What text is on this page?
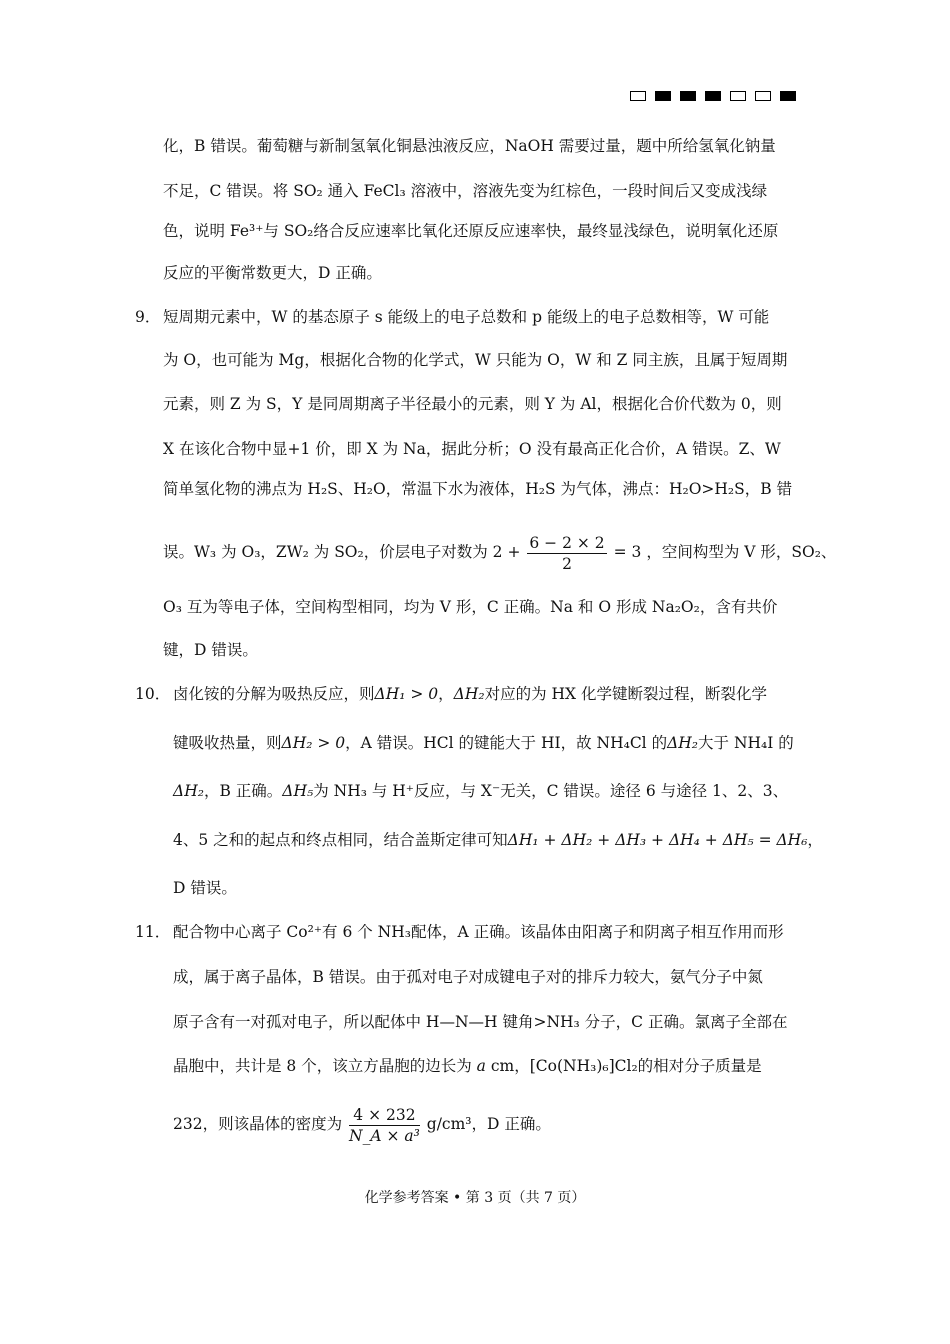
化，B 错误。葡萄糖与新制氢氧化铜悬浊液反应，NaOH 需要过量，题中所给氢氧化钠量
不足，C 错误。将 SO₂ 通入 FeCl₃ 溶液中，溶液先变为红棕色，一段时间后又变成浅绿
色，说明 Fe³⁺与 SO₂络合反应速率比氧化还原反应速率快，最终显浅绿色，说明氧化还原
反应的平衡常数更大，D 正确。
9． 短周期元素中，W 的基态原子 s 能级上的电子总数和 p 能级上的电子总数相等，W 可能
为 O，也可能为 Mg，根据化合物的化学式，W 只能为 O，W 和 Z 同主族，且属于短周期
元素，则 Z 为 S，Y 是同周期离子半径最小的元素，则 Y 为 Al，根据化合价代数为 0，则
X 在该化合物中显+1 价，即 X 为 Na，据此分析；O 没有最高正化合价，A 错误。Z、W
简单氢化物的沸点为 H₂S、H₂O，常温下水为液体，H₂S 为气体，沸点：H₂O>H₂S，B 错
误。W₃ 为 O₃，ZW₂ 为 SO₂，价层电子对数为 $2 + \frac{6 - 2 \times 2}{2} = 3$ ，空间构型为 V 形，SO₂、
O₃ 互为等电子体，空间构型相同，均为 V 形，C 正确。Na 和 O 形成 Na₂O₂，含有共价
键，D 错误。
10． 卤化铵的分解为吸热反应，则ΔH₁ > 0，ΔH₂对应的为 HX 化学键断裂过程，断裂化学
键吸收热量，则ΔH₂ > 0，A 错误。HCl 的键能大于 HI，故 NH₄Cl 的ΔH₂大于 NH₄I 的
ΔH₂，B 正确。ΔH₅为 NH₃ 与 H⁺反应，与 X⁻无关，C 错误。途径 6 与途径 1、2、3、
4、5 之和的起点和终点相同，结合盖斯定律可知ΔH₁ + ΔH₂ + ΔH₃ + ΔH₄ + ΔH₅ = ΔH₆，
D 错误。
11． 配合物中心离子 Co²⁺有 6 个 NH₃配体，A 正确。该晶体由阳离子和阴离子相互作用而形
成，属于离子晶体，B 错误。由于孤对电子对成键电子对的排斥力较大，氨气分子中氮
原子含有一对孤对电子，所以配体中 H—N—H 键角>NH₃ 分子，C 正确。氯离子全部在
晶胞中，共计是 8 个，该立方晶胞的边长为 a cm，[Co(NH₃)₆]Cl₂的相对分子质量是
232，则该晶体的密度为 $\frac{4 \times 232}{\text{N\_A × a³}} g/cm^3$，D 正确。
化学参考答案 • 第 3 页（共 7 页）
